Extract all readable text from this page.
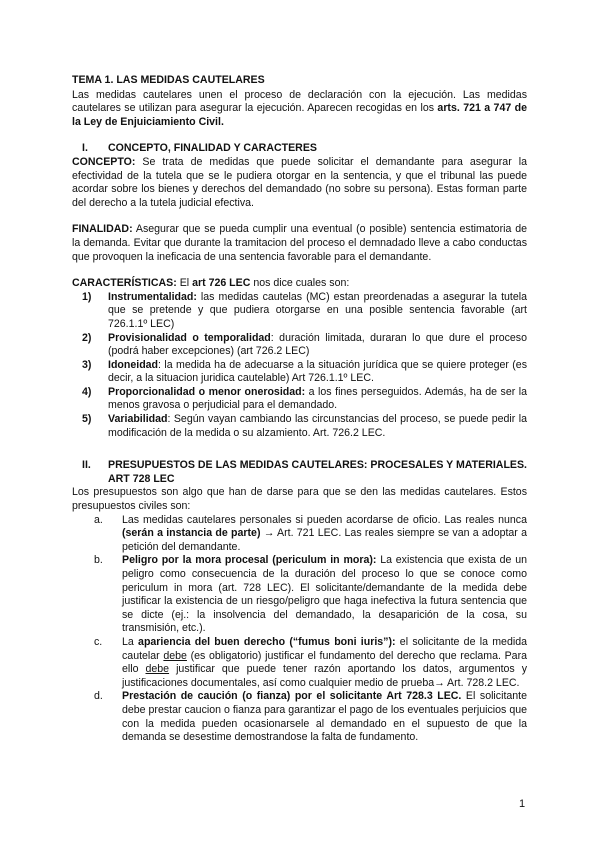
TEMA 1. LAS MEDIDAS CAUTELARES

Las medidas cautelares unen el proceso de declaración con la ejecución. Las medidas cautelares se utilizan para asegurar la ejecución. Aparecen recogidas en los arts. 721 a 747 de la Ley de Enjuiciamiento Civil.

I.	CONCEPTO, FINALIDAD Y CARACTERES

CONCEPTO: Se trata de medidas que puede solicitar el demandante para asegurar la efectividad de la tutela que se le pudiera otorgar en la sentencia, y que el tribunal las puede acordar sobre los bienes y derechos del demandado (no sobre su persona). Estas forman parte del derecho a la tutela judicial efectiva.

FINALIDAD: Asegurar que se pueda cumplir una eventual (o posible) sentencia estimatoria de la demanda. Evitar que durante la tramitacion del proceso el demnadado lleve a cabo conductas que provoquen la ineficacia de una sentencia favorable para el demandante.

CARACTERÍSTICAS: El art 726 LEC nos dice cuales son:

1)	Instrumentalidad: las medidas cautelas (MC) estan preordenadas a asegurar la tutela que se pretende y que pudiera otorgarse en una posible sentencia favorable (art 726.1.1º LEC)
2)	Provisionalidad o temporalidad: duración limitada, duraran lo que dure el proceso (podrá haber excepciones) (art 726.2 LEC)
3)	Idoneidad: la medida ha de adecuarse a la situación jurídica que se quiere proteger (es decir, a la situacion juridica cautelable) Art 726.1.1º LEC.
4)	Proporcionalidad o menor onerosidad: a los fines perseguidos. Además, ha de ser la menos gravosa o perjudicial para el demandado.
5)	Variabilidad: Según vayan cambiando las circunstancias del proceso, se puede pedir la modificación de la medida o su alzamiento. Art. 726.2 LEC.
II.	PRESUPUESTOS DE LAS MEDIDAS CAUTELARES: PROCESALES Y MATERIALES. ART 728 LEC

Los presupuestos son algo que han de darse para que se den las medidas cautelares. Estos presupuestos civiles son:

a.	Las medidas cautelares personales si pueden acordarse de oficio. Las reales nunca (serán a instancia de parte) → Art. 721 LEC. Las reales siempre se van a adoptar a petición del demandante.
b.	Peligro por la mora procesal (periculum in mora): La existencia que exista de un peligro como consecuencia de la duración del proceso lo que se conoce como periculum in mora (art. 728 LEC). El solicitante/demandante de la medida debe justificar la existencia de un riesgo/peligro que haga inefectiva la futura sentencia que se dicte (ej.: la insolvencia del demandado, la desaparición de la cosa, su transmisión, etc.).
c.	La apariencia del buen derecho (“fumus boni iuris”): el solicitante de la medida cautelar debe (es obligatorio) justificar el fundamento del derecho que reclama. Para ello debe justificar que puede tener razón aportando los datos, argumentos y justificaciones documentales, así como cualquier medio de prueba→ Art. 728.2 LEC.
d.	Prestación de caución (o fianza) por el solicitante Art 728.3 LEC. El solicitante debe prestar caucion o fianza para garantizar el pago de los eventuales perjuicios que con la medida pueden ocasionarsele al demandado en el supuesto de que la demanda se desestime demostrandose la falta de fundamento.
1
